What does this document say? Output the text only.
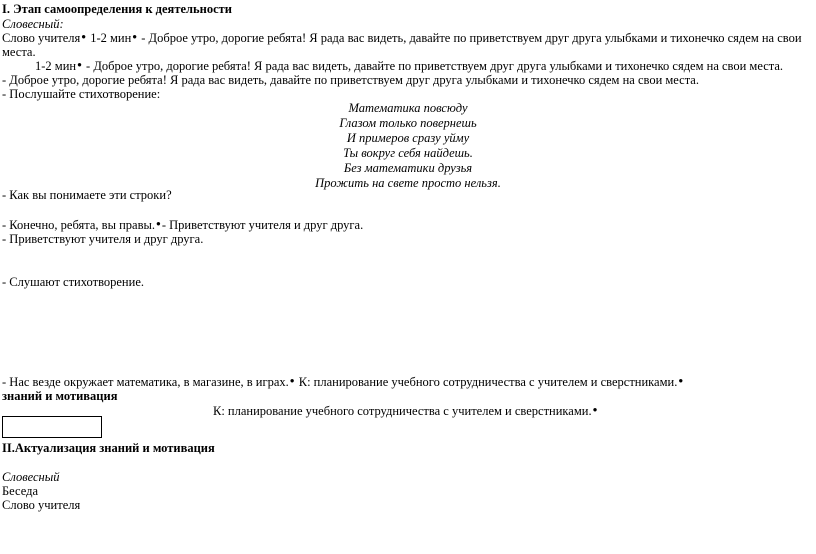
I. Этап самоопределения к деятельности
Словесный:
Слово учителя● 1-2 мин● - Доброе утро, дорогие ребята! Я рада вас видеть, давайте по приветствуем друг друга улыбками и тихонечко сядем на свои
места.
1-2 мин● - Доброе утро, дорогие ребята! Я рада вас видеть, давайте по приветствуем друг друга улыбками и тихонечко сядем на свои места.
- Доброе утро, дорогие ребята! Я рада вас видеть, давайте по приветствуем друг друга улыбками и тихонечко сядем на свои места.
- Послушайте стихотворение:
Математика повсюду
Глазом только повернешь
И примеров сразу уйму
Ты вокруг себя найдешь.
Без математики друзья
Прожить на свете просто нельзя.
- Как вы понимаете эти строки?
- Конечно, ребята, вы правы.● - Приветствуют учителя и друг друга.
- Приветствуют учителя и друг друга.
- Слушают стихотворение.
- Нас везде окружает математика, в магазине, в играх.● К: планирование учебного сотрудничества с учителем и сверстниками.●
знаний и мотивация
К: планирование учебного сотрудничества с учителем и сверстниками.●
II.Актуализация знаний и мотивация
Словесный
Беседа
Слово учителя
